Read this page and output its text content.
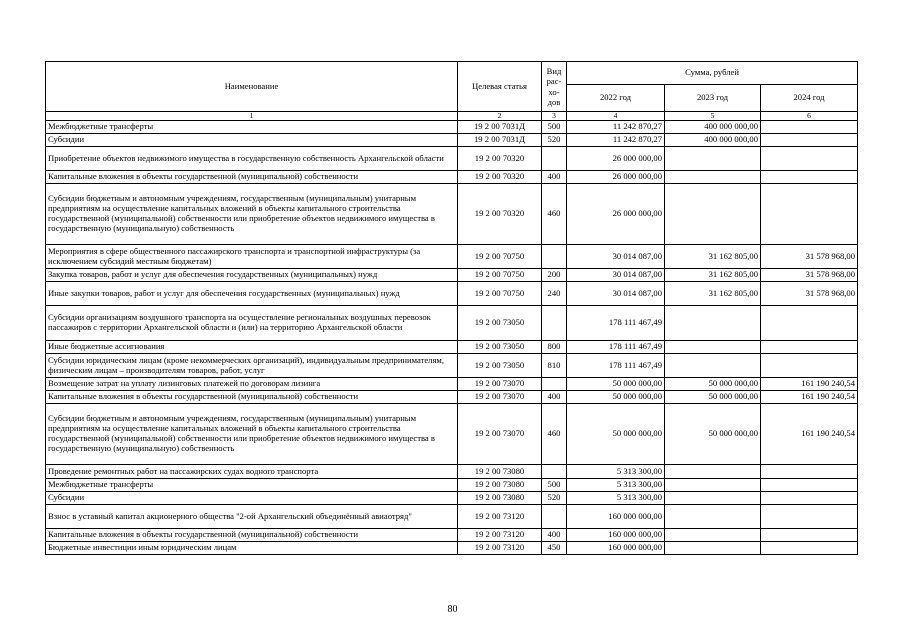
Наименование	Целевая статья	Вид
рас-
хо-
дов	Сумма, рублей		
			2022 год	2023 год	2024 год
1	2	3	4	5	6
Межбюджетные трансферты	19 2 00 7031Д	500	11 242 870,27	400 000 000,00	
Субсидии	19 2 00 7031Д	520	11 242 870,27	400 000 000,00	
Приобретение объектов недвижимого имущества в государственную собственность Архангельской области	19 2 00 70320		26 000 000,00		
Капитальные вложения в объекты государственной (муниципальной) собственности	19 2 00 70320	400	26 000 000,00		
Субсидии бюджетным и автономным учреждениям, государственным (муниципальным) унитарным предприятиям на осуществление капитальных вложений в объекты капитального строительства государственной (муниципальной) собственности или приобретение объектов недвижимого имущества в государственную (муниципальную) собственность	19 2 00 70320	460	26 000 000,00		
Мероприятия в сфере общественного пассажирского транспорта и транспортной инфраструктуры (за исключением субсидий местным бюджетам)	19 2 00 70750		30 014 087,00	31 162 805,00	31 578 968,00
Закупка товаров, работ и услуг для обеспечения государственных (муниципальных) нужд	19 2 00 70750	200	30 014 087,00	31 162 805,00	31 578 968,00
Иные закупки товаров, работ и услуг для обеспечения государственных (муниципальных) нужд	19 2 00 70750	240	30 014 087,00	31 162 805,00	31 578 968,00
Субсидии организациям воздушного транспорта на осуществление региональных воздушных перевозок пассажиров с территории Архангельской области и (или) на территорию Архангельской области	19 2 00 73050		178 111 467,49		
Иные бюджетные ассигнования	19 2 00 73050	800	178 111 467,49		
Субсидии юридическим лицам (кроме некоммерческих организаций), индивидуальным предпринимателям, физическим лицам – производителям товаров, работ, услуг	19 2 00 73050	810	178 111 467,49		
Возмещение затрат на уплату лизинговых платежей по договорам лизинга	19 2 00 73070		50 000 000,00	50 000 000,00	161 190 240,54
Капитальные вложения в объекты государственной (муниципальной) собственности	19 2 00 73070	400	50 000 000,00	50 000 000,00	161 190 240,54
Субсидии бюджетным и автономным учреждениям, государственным (муниципальным) унитарным предприятиям на осуществление капитальных вложений в объекты капитального строительства государственной (муниципальной) собственности или приобретение объектов недвижимого имущества в государственную (муниципальную) собственность	19 2 00 73070	460	50 000 000,00	50 000 000,00	161 190 240,54
Проведение ремонтных работ на пассажирских судах водного транспорта	19 2 00 73080		5 313 300,00		
Межбюджетные трансферты	19 2 00 73080	500	5 313 300,00		
Субсидии	19 2 00 73080	520	5 313 300,00		
Взнос в уставный капитал акционерного общества "2-ой Архангельский объединённый авиаотряд"	19 2 00 73120		160 000 000,00		
Капитальные вложения в объекты государственной (муниципальной) собственности	19 2 00 73120	400	160 000 000,00		
Бюджетные инвестиции иным юридическим лицам	19 2 00 73120	450	160 000 000,00		
80
